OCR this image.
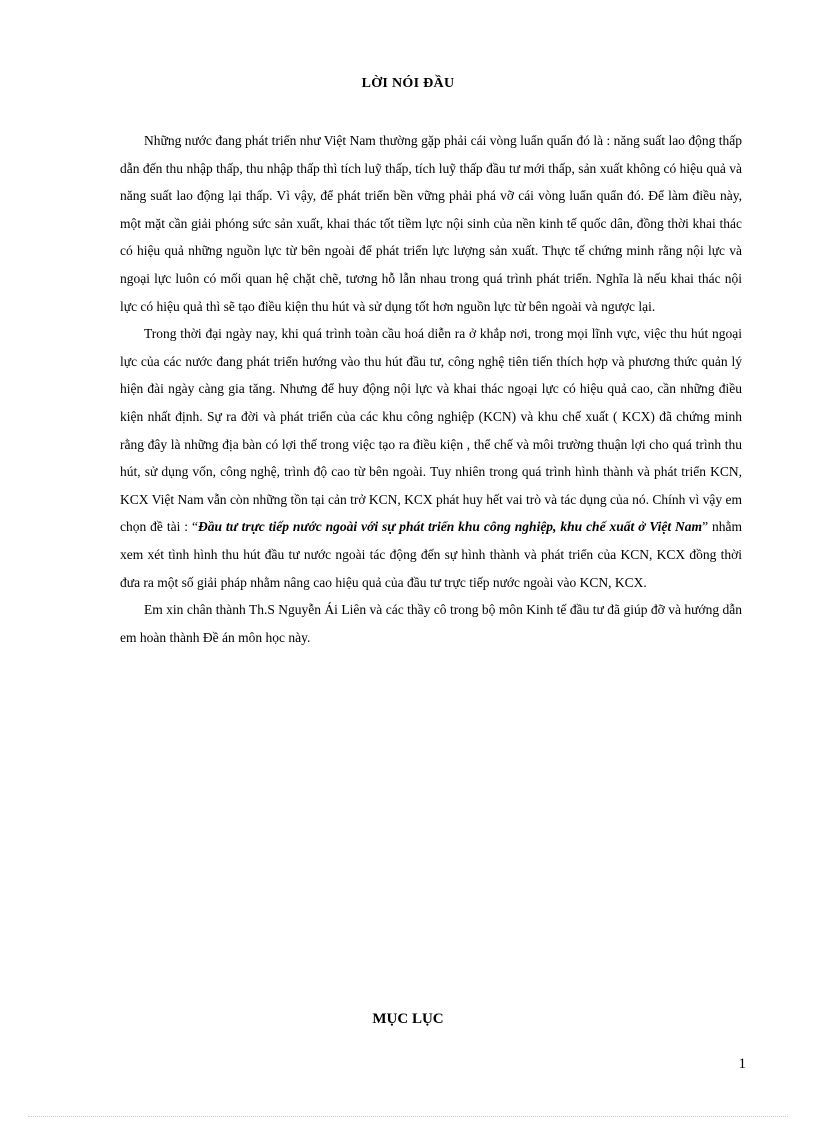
LỜI NÓI ĐẦU

Những nước đang phát triển như Việt Nam thường gặp phải cái vòng luẩn quẩn đó là : năng suất lao động thấp dẫn đến thu nhập thấp, thu nhập thấp thì tích luỹ thấp, tích luỹ thấp đầu tư mới thấp, sản xuất không có hiệu quả và năng suất lao động lại thấp. Vì vậy, để phát triển bền vững phải phá vỡ cái vòng luẩn quẩn đó. Để làm điều này, một mặt cần giải phóng sức sản xuất, khai thác tốt tiềm lực nội sinh của nền kinh tế quốc dân, đồng thời khai thác có hiệu quả những nguồn lực từ bên ngoài để phát triển lực lượng sản xuất. Thực tế chứng minh rằng nội lực và ngoại lực luôn có mối quan hệ chặt chẽ, tương hỗ lẫn nhau trong quá trình phát triển. Nghĩa là nếu khai thác nội lực có hiệu quả thì sẽ tạo điều kiện thu hút và sử dụng tốt hơn nguồn lực từ bên ngoài và ngược lại.

Trong thời đại ngày nay, khi quá trình toàn cầu hoá diễn ra ở khắp nơi, trong mọi lĩnh vực, việc thu hút ngoại lực của các nước đang phát triển hướng vào thu hút đầu tư, công nghệ tiên tiến thích hợp và phương thức quản lý hiện đài ngày càng gia tăng. Nhưng để huy động nội lực và khai thác ngoại lực có hiệu quả cao, cần những điều kiện nhất định. Sự ra đời và phát triển của các khu công nghiệp (KCN) và khu chế xuất ( KCX) đã chứng minh rằng đây là những địa bàn có lợi thế trong việc tạo ra điều kiện , thể chế và môi trường thuận lợi cho quá trình thu hút, sử dụng vốn, công nghệ, trình độ cao từ bên ngoài. Tuy nhiên trong quá trình hình thành và phát triển KCN, KCX Việt Nam vẫn còn những tồn tại cản trở KCN, KCX phát huy hết vai trò và tác dụng của nó. Chính vì vậy em chọn đề tài : “Đầu tư trực tiếp nước ngoài với sự phát triển khu công nghiệp, khu chế xuất ở Việt Nam” nhằm xem xét tình hình thu hút đầu tư nước ngoài tác động đến sự hình thành và phát triển của KCN, KCX đồng thời đưa ra một số giải pháp nhằm nâng cao hiệu quả của đầu tư trực tiếp nước ngoài vào KCN, KCX.

Em xin chân thành Th.S Nguyễn Ái Liên và các thầy cô trong bộ môn Kinh tế đầu tư đã giúp đỡ và hướng dẫn em hoàn thành Đề án môn học này.

MỤC LỤC
1
